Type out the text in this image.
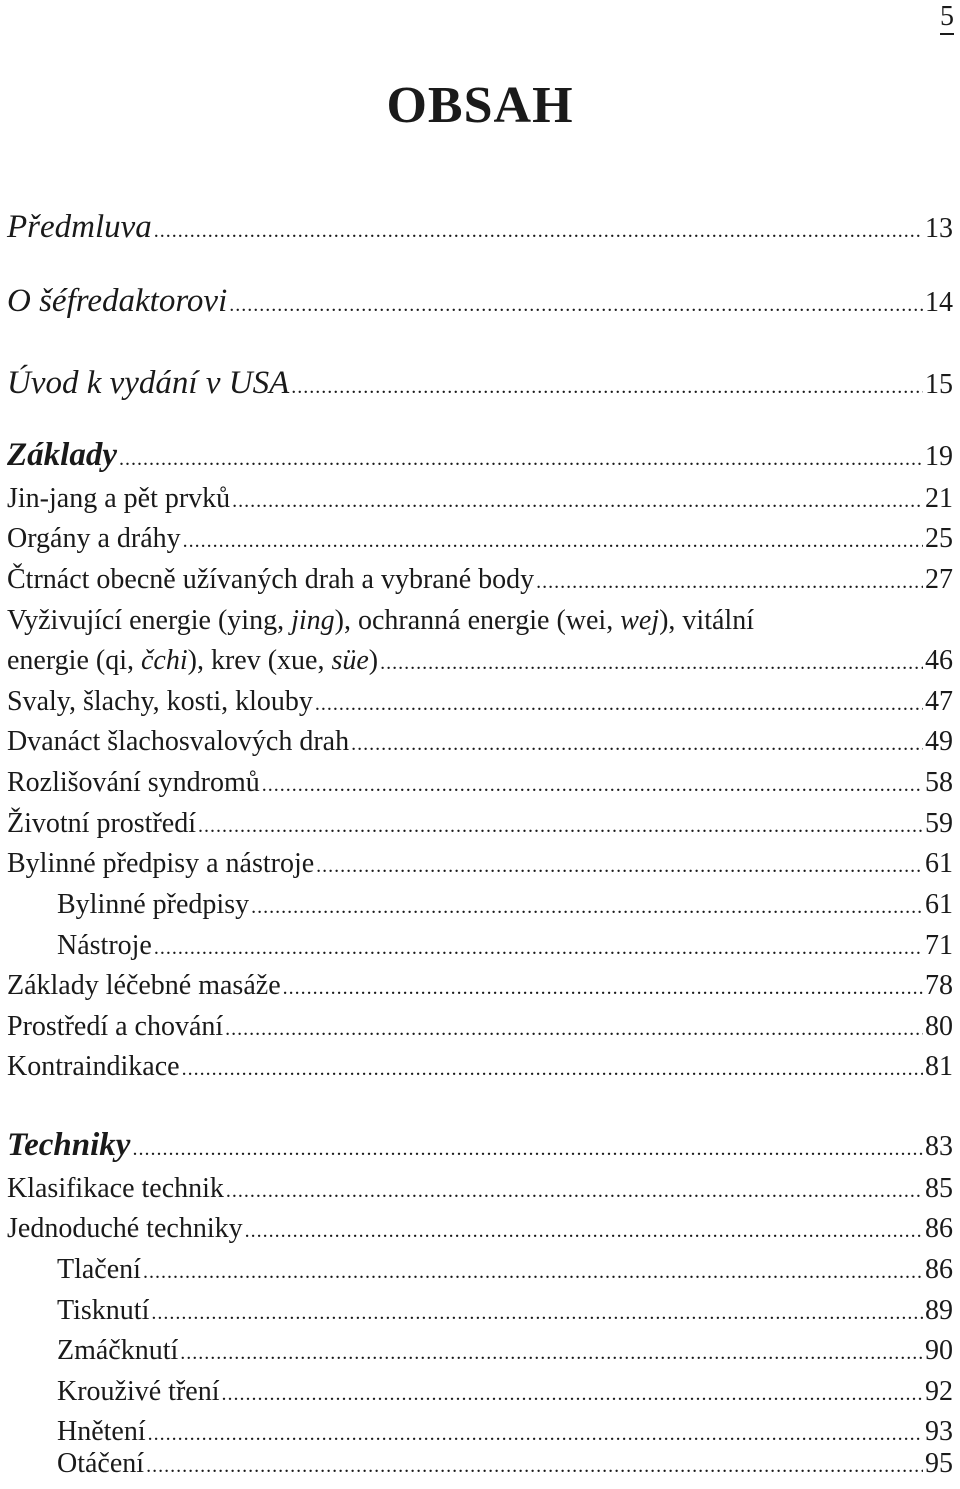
5
OBSAH
Předmluva .....	13
O šéfredaktorovi .....	14
Úvod k vydání v USA .....	15
Základy .....	19
Jin-jang a pět prvků .....	21
Orgány a dráhy .....	25
Čtrnáct obecně užívaných drah a vybrané body .....	27
Vyživující energie (ying, jing), ochranná energie (wei, wej), vitální
energie (qi, čchi), krev (xue, süe) .....	46
Svaly, šlachy, kosti, klouby .....	47
Dvanáct šlachosvalových drah .....	49
Rozlišování syndromů .....	58
Životní prostředí .....	59
Bylinné předpisy a nástroje .....	61
Bylinné předpisy .....	61
Nástroje .....	71
Základy léčebné masáže .....	78
Prostředí a chování .....	80
Kontraindikace .....	81
Techniky .....	83
Klasifikace technik .....	85
Jednoduché techniky .....	86
Tlačení .....	86
Tisknutí .....	89
Zmáčknutí .....	90
Krouživé tření .....	92
Hnětení .....	93
Otáčení .....	95
